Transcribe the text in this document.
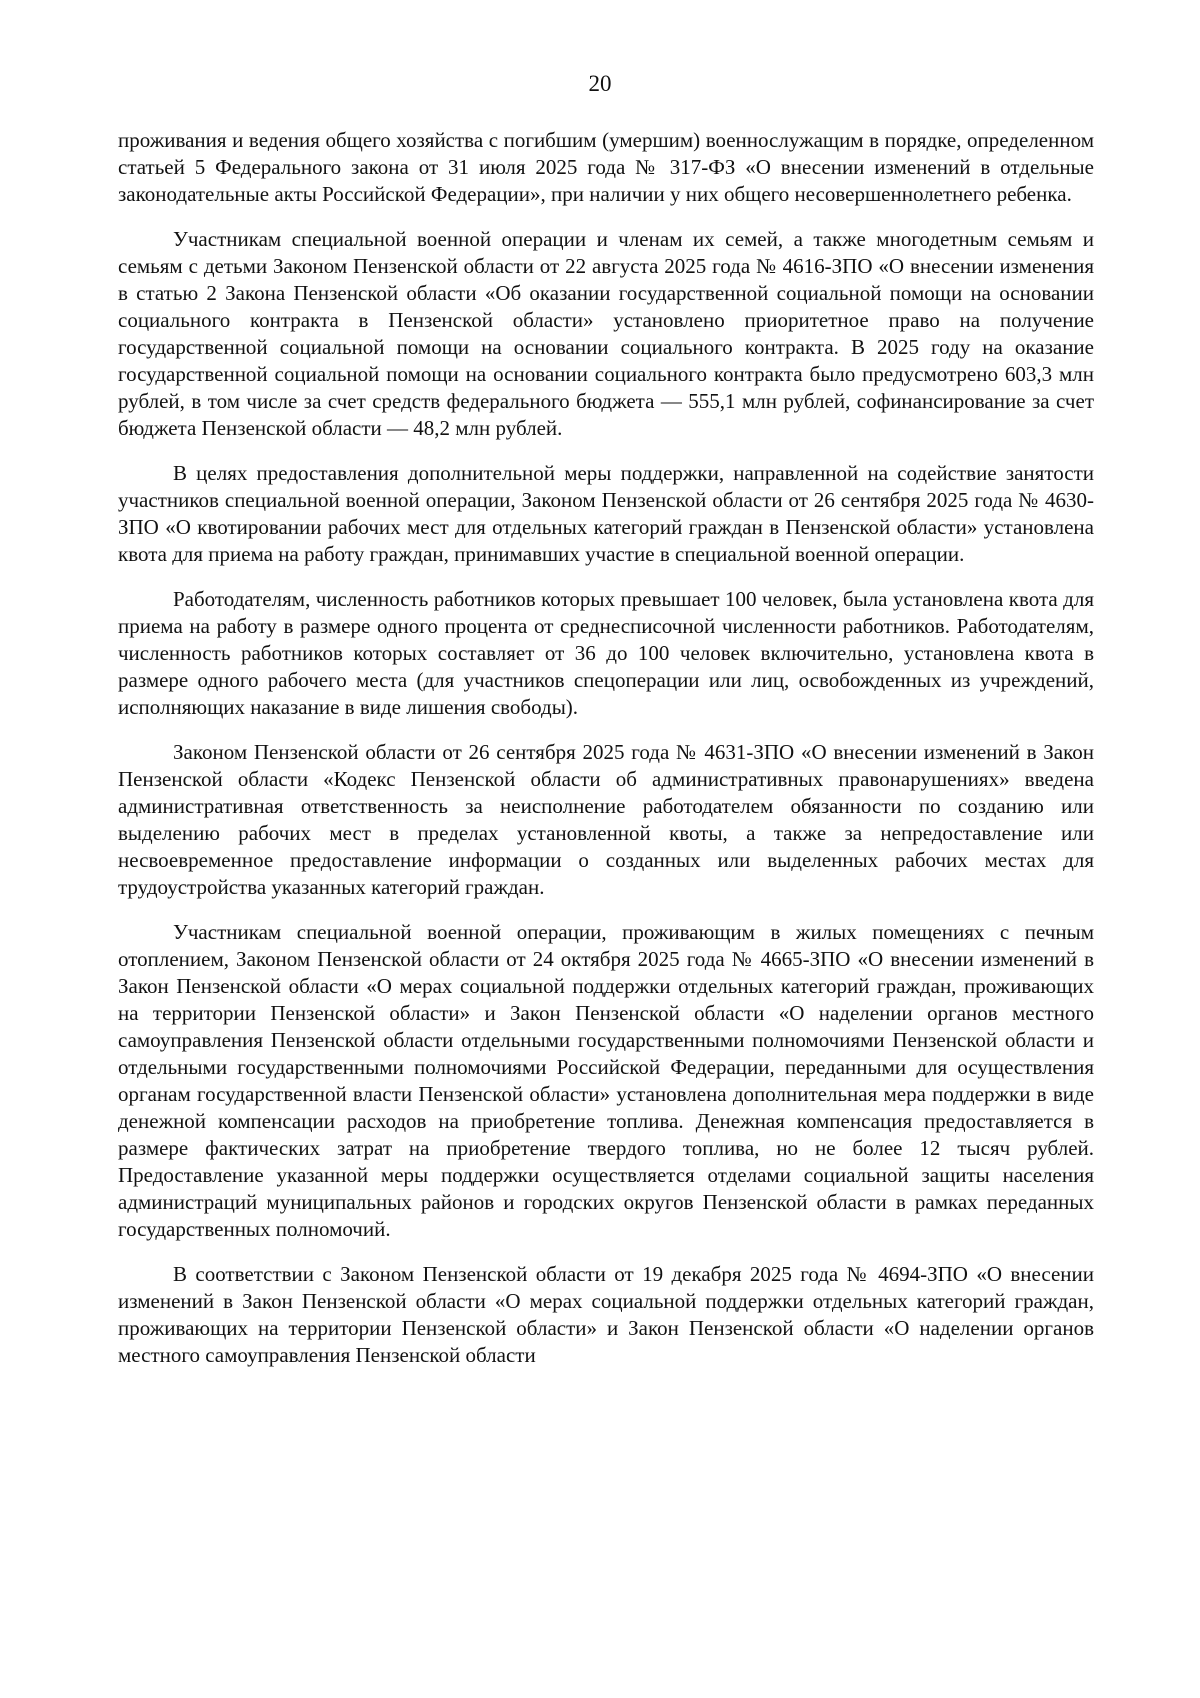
20

проживания и ведения общего хозяйства с погибшим (умершим) военнослужащим в порядке, определенном статьей 5 Федерального закона от 31 июля 2025 года № 317-ФЗ «О внесении изменений в отдельные законодательные акты Российской Федерации», при наличии у них общего несовершеннолетнего ребенка.

Участникам специальной военной операции и членам их семей, а также многодетным семьям и семьям с детьми Законом Пензенской области от 22 августа 2025 года № 4616-ЗПО «О внесении изменения в статью 2 Закона Пензенской области «Об оказании государственной социальной помощи на основании социального контракта в Пензенской области» установлено приоритетное право на получение государственной социальной помощи на основании социального контракта. В 2025 году на оказание государственной социальной помощи на основании социального контракта было предусмотрено 603,3 млн рублей, в том числе за счет средств федерального бюджета — 555,1 млн рублей, софинансирование за счет бюджета Пензенской области — 48,2 млн рублей.

В целях предоставления дополнительной меры поддержки, направленной на содействие занятости участников специальной военной операции, Законом Пензенской области от 26 сентября 2025 года № 4630-ЗПО «О квотировании рабочих мест для отдельных категорий граждан в Пензенской области» установлена квота для приема на работу граждан, принимавших участие в специальной военной операции.

Работодателям, численность работников которых превышает 100 человек, была установлена квота для приема на работу в размере одного процента от среднесписочной численности работников. Работодателям, численность работников которых составляет от 36 до 100 человек включительно, установлена квота в размере одного рабочего места (для участников спецоперации или лиц, освобожденных из учреждений, исполняющих наказание в виде лишения свободы).

Законом Пензенской области от 26 сентября 2025 года № 4631-ЗПО «О внесении изменений в Закон Пензенской области «Кодекс Пензенской области об административных правонарушениях» введена административная ответственность за неисполнение работодателем обязанности по созданию или выделению рабочих мест в пределах установленной квоты, а также за непредоставление или несвоевременное предоставление информации о созданных или выделенных рабочих местах для трудоустройства указанных категорий граждан.

Участникам специальной военной операции, проживающим в жилых помещениях с печным отоплением, Законом Пензенской области от 24 октября 2025 года № 4665-ЗПО «О внесении изменений в Закон Пензенской области «О мерах социальной поддержки отдельных категорий граждан, проживающих на территории Пензенской области» и Закон Пензенской области «О наделении органов местного самоуправления Пензенской области отдельными государственными полномочиями Пензенской области и отдельными государственными полномочиями Российской Федерации, переданными для осуществления органам государственной власти Пензенской области» установлена дополнительная мера поддержки в виде денежной компенсации расходов на приобретение топлива. Денежная компенсация предоставляется в размере фактических затрат на приобретение твердого топлива, но не более 12 тысяч рублей. Предоставление указанной меры поддержки осуществляется отделами социальной защиты населения администраций муниципальных районов и городских округов Пензенской области в рамках переданных государственных полномочий.

В соответствии с Законом Пензенской области от 19 декабря 2025 года № 4694-ЗПО «О внесении изменений в Закон Пензенской области «О мерах социальной поддержки отдельных категорий граждан, проживающих на территории Пензенской области» и Закон Пензенской области «О наделении органов местного самоуправления Пензенской области
